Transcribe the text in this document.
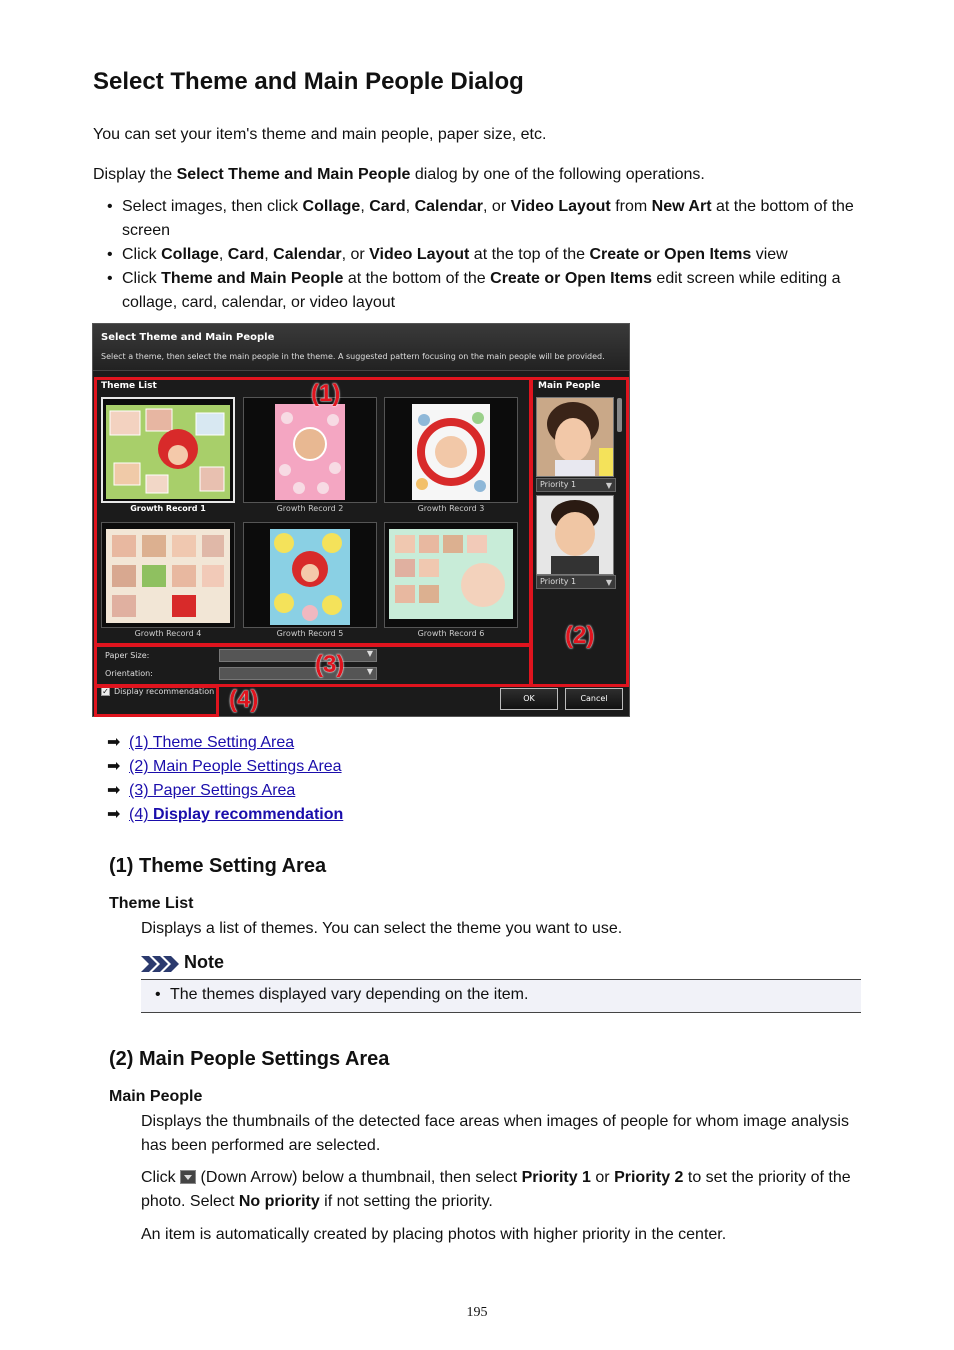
Select Theme and Main People Dialog

You can set your item's theme and main people, paper size, etc.

Display the Select Theme and Main People dialog by one of the following operations.

• Select images, then click Collage, Card, Calendar, or Video Layout from New Art at the bottom of the screen
• Click Collage, Card, Calendar, or Video Layout at the top of the Create or Open Items view
• Click Theme and Main People at the bottom of the Create or Open Items edit screen while editing a collage, card, calendar, or video layout
Select Theme and Main People
Select a theme, then select the main people in the theme. A suggested pattern focusing on the main people will be provided.
Theme List	Main People
Growth Record 1	Growth Record 2	Growth Record 3
Growth Record 4	Growth Record 5	Growth Record 6
Priority 1	▼
Priority 1	▼
Paper Size:	▼
Orientation:	▼
✓ Display recommendation
OK	Cancel
(1)
(2)
(3)
(4)
➡ (1) Theme Setting Area
➡ (2) Main People Settings Area
➡ (3) Paper Settings Area
➡ (4) Display recommendation
(1) Theme Setting Area
Theme List

Displays a list of themes. You can select the theme you want to use.

Note
• The themes displayed vary depending on the item.
(2) Main People Settings Area
Main People

Displays the thumbnails of the detected face areas when images of people for whom image analysis has been performed are selected.

Click  (Down Arrow) below a thumbnail, then select Priority 1 or Priority 2 to set the priority of the photo. Select No priority if not setting the priority.

An item is automatically created by placing photos with higher priority in the center.

195
